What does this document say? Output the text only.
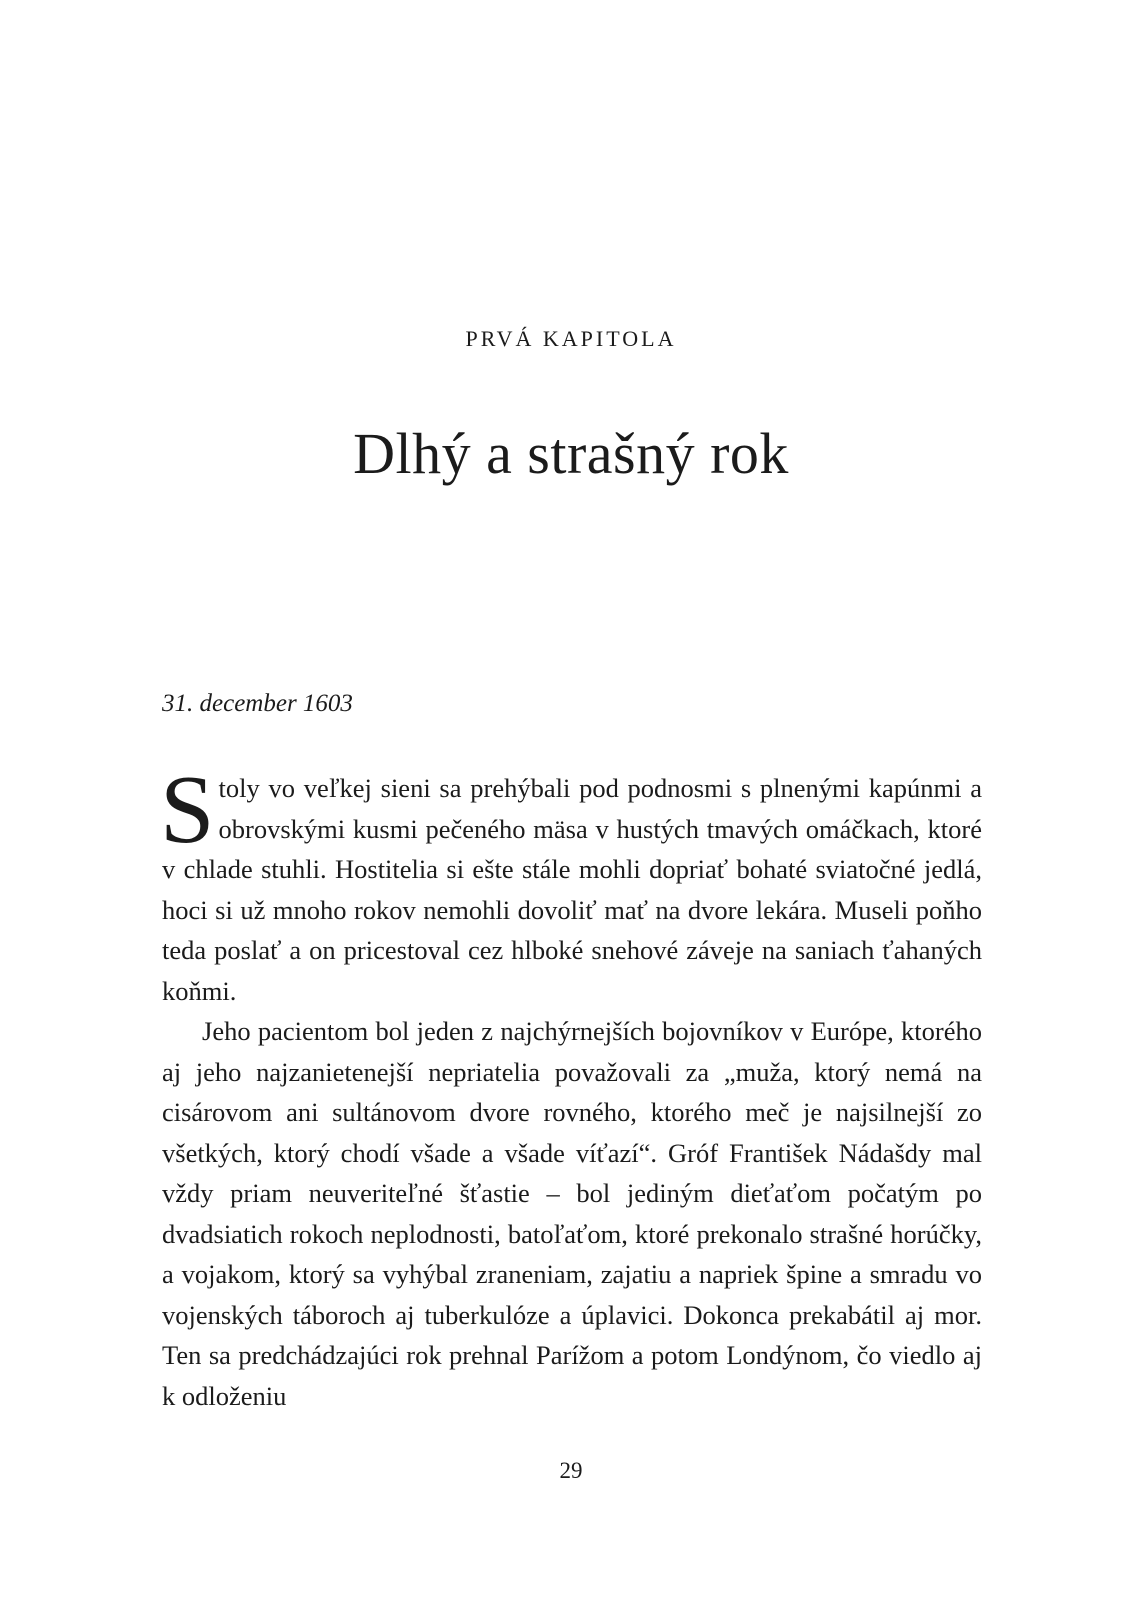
PRVÁ KAPITOLA
Dlhý a strašný rok

31. december 1603

Stoly vo veľkej sieni sa prehýbali pod podnosmi s plnenými kapúnmi a obrovskými kusmi pečeného mäsa v hustých tmavých omáčkach, ktoré v chlade stuhli. Hostitelia si ešte stále mohli dopriať bohaté sviatočné jedlá, hoci si už mnoho rokov nemohli dovoliť mať na dvore lekára. Museli poňho teda poslať a on pricestoval cez hlboké snehové záveje na saniach ťahaných koňmi.

Jeho pacientom bol jeden z najchýrnejších bojovníkov v Európe, ktorého aj jeho najzanietenejší nepriatelia považovali za „muža, ktorý nemá na cisárovom ani sultánovom dvore rovného, ktorého meč je najsilnejší zo všetkých, ktorý chodí všade a všade víťazí“. Gróf František Nádašdy mal vždy priam neuveriteľné šťastie – bol jediným dieťaťom počatým po dvadsiatich rokoch neplodnosti, batoľaťom, ktoré prekonalo strašné horúčky, a vojakom, ktorý sa vyhýbal zraneniam, zajatiu a napriek špine a smradu vo vojenských táboroch aj tuberkulóze a úplavici. Dokonca prekabátil aj mor. Ten sa predchádzajúci rok prehnal Parížom a potom Londýnom, čo viedlo aj k odloženiu

29
